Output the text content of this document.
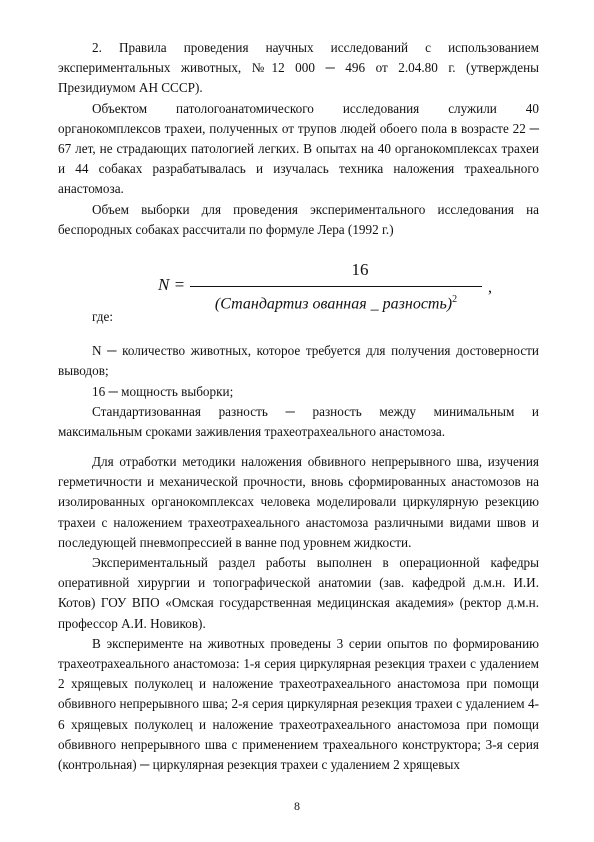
2. Правила проведения научных исследований с использованием экспериментальных животных, №12 000 ─ 496 от 2.04.80 г. (утверждены Президиумом АН СССР).

Объектом патологоанатомического исследования служили 40 органокомплексов трахеи, полученных от трупов людей обоего пола в возрасте 22 ─ 67 лет, не страдающих патологией легких. В опытах на 40 органокомплексах трахеи и 44 собаках разрабатывалась и изучалась техника наложения трахеального анастомоза.

Объем выборки для проведения экспериментального исследования на беспородных собаках рассчитали по формуле Лера (1992 г.)

N =
16
(Стандартиз ованная _ разность)$^2$
,

где:

N ─ количество животных, которое требуется для получения достоверности выводов;

16 ─ мощность выборки;

Стандартизованная разность ─ разность между минимальным и максимальным сроками заживления трахеотрахеального анастомоза.

Для отработки методики наложения обвивного непрерывного шва, изучения герметичности и механической прочности, вновь сформированных анастомозов на изолированных органокомплексах человека моделировали циркулярную резекцию трахеи с наложением трахеотрахеального анастомоза различными видами швов и последующей пневмопрессией в ванне под уровнем жидкости.

Экспериментальный раздел работы выполнен в операционной кафедры оперативной хирургии и топографической анатомии (зав. кафедрой д.м.н. И.И. Котов) ГОУ ВПО «Омская государственная медицинская академия» (ректор д.м.н. профессор А.И. Новиков).

В эксперименте на животных проведены 3 серии опытов по формированию трахеотрахеального анастомоза: 1-я серия циркулярная резекция трахеи с удалением 2 хрящевых полуколец и наложение трахеотрахеального анастомоза при помощи обвивного непрерывного шва; 2-я серия циркулярная резекция трахеи с удалением 4-6 хрящевых полуколец и наложение трахеотрахеального анастомоза при помощи обвивного непрерывного шва с применением трахеального конструктора; 3-я серия (контрольная) ─ циркулярная резекция трахеи с удалением 2 хрящевых

8
